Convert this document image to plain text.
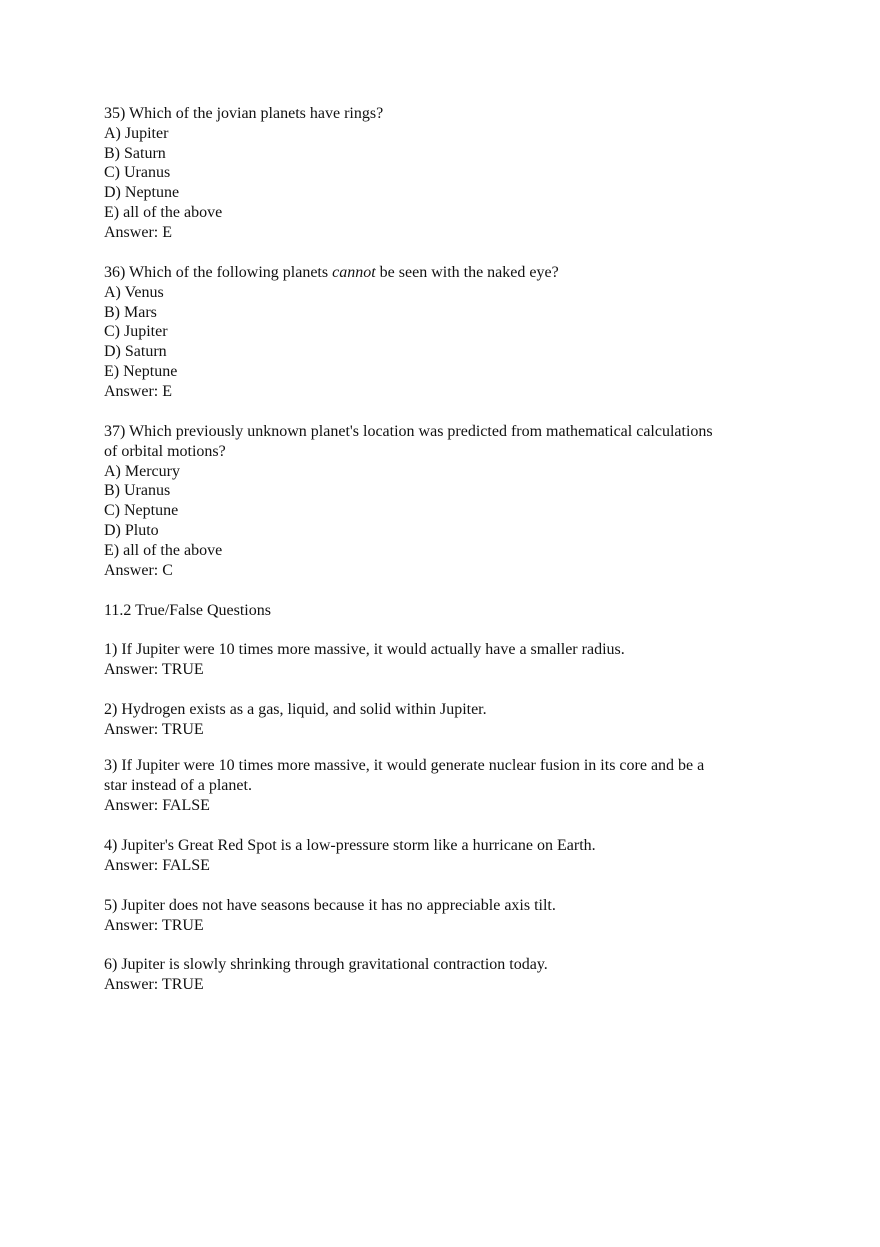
35) Which of the jovian planets have rings?
A) Jupiter
B) Saturn
C) Uranus
D) Neptune
E) all of the above
Answer: E
36) Which of the following planets cannot be seen with the naked eye?
A) Venus
B) Mars
C) Jupiter
D) Saturn
E) Neptune
Answer: E
37) Which previously unknown planet's location was predicted from mathematical calculations
of orbital motions?
A) Mercury
B) Uranus
C) Neptune
D) Pluto
E) all of the above
Answer: C
11.2 True/False Questions
1) If Jupiter were 10 times more massive, it would actually have a smaller radius.
Answer: TRUE
2) Hydrogen exists as a gas, liquid, and solid within Jupiter.
Answer: TRUE
3) If Jupiter were 10 times more massive, it would generate nuclear fusion in its core and be a
star instead of a planet.
Answer: FALSE
4) Jupiter's Great Red Spot is a low-pressure storm like a hurricane on Earth.
Answer: FALSE
5) Jupiter does not have seasons because it has no appreciable axis tilt.
Answer: TRUE
6) Jupiter is slowly shrinking through gravitational contraction today.
Answer: TRUE
